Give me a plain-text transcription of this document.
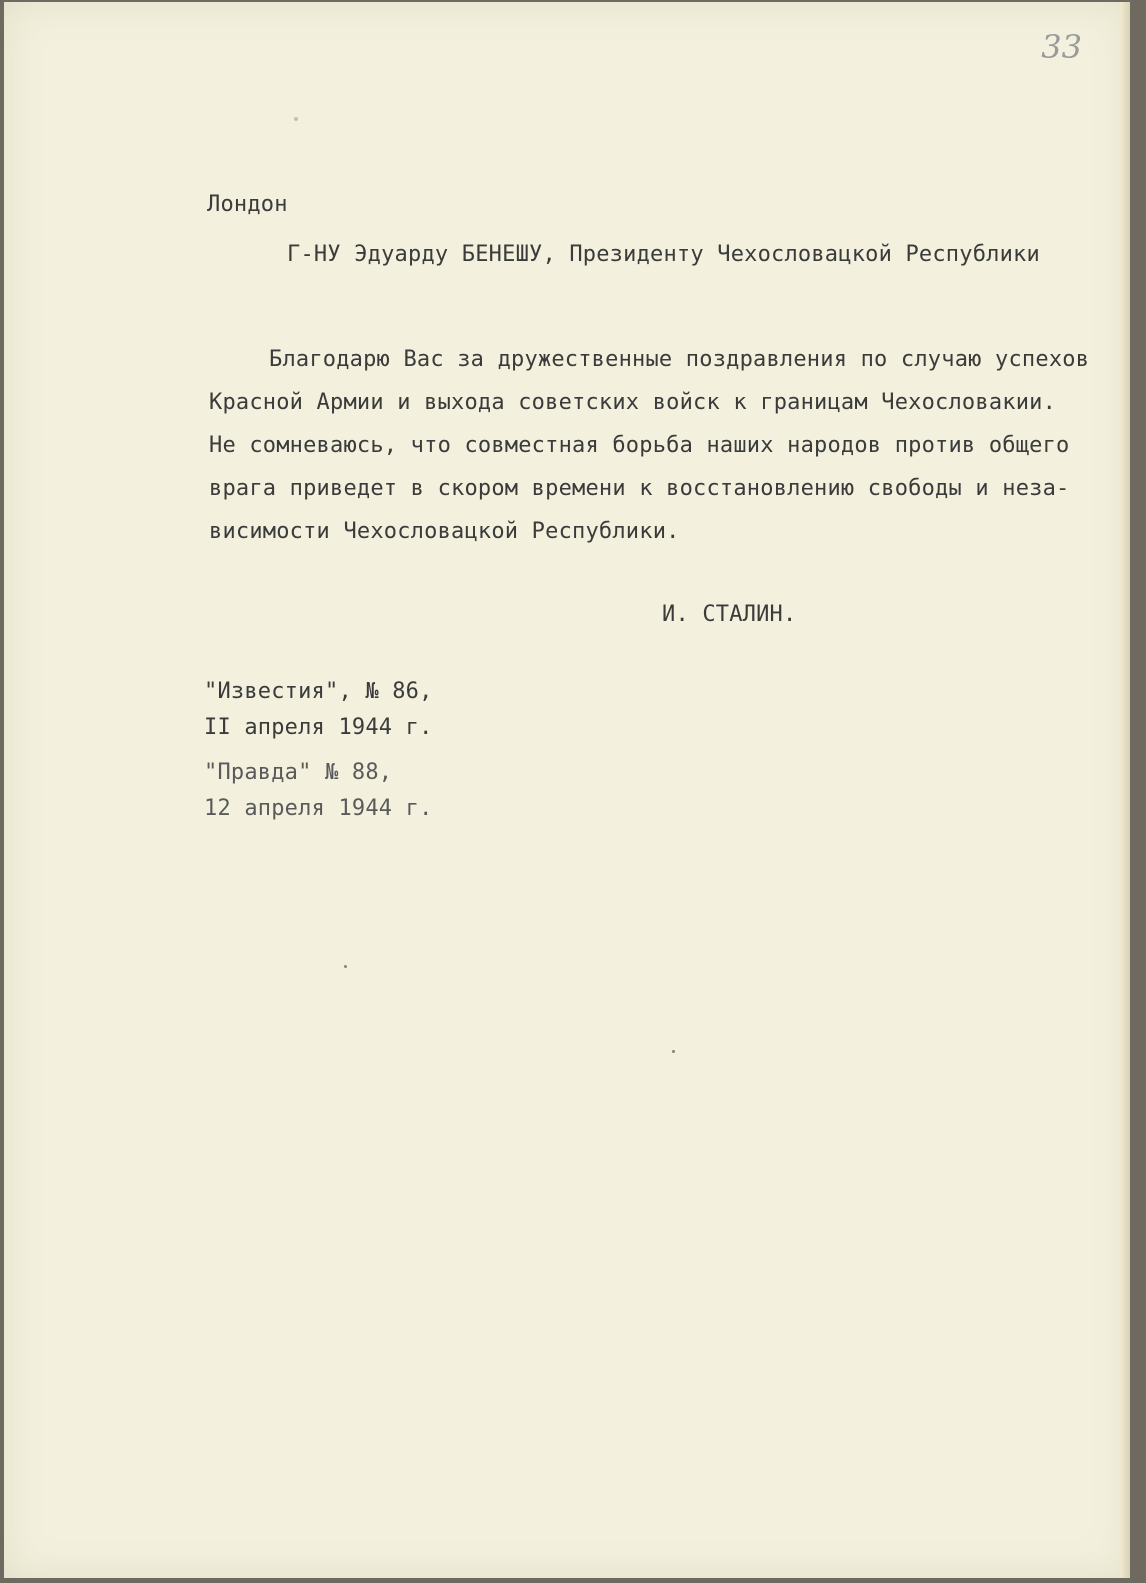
33
Лондон
Г-НУ Эдуарду БЕНЕШУ, Президенту Чехословацкой Республики
Благодарю Вас за дружественные поздравления по случаю успехов
Красной Армии и выхода советских войск к границам Чехословакии.
Не сомневаюсь, что совместная борьба наших народов против общего
врага приведет в скором времени к восстановлению свободы и неза-
висимости Чехословацкой Республики.
И. СТАЛИН.
"Известия", № 86,
II апреля 1944 г.
"Правда" № 88,
12 апреля 1944 г.
